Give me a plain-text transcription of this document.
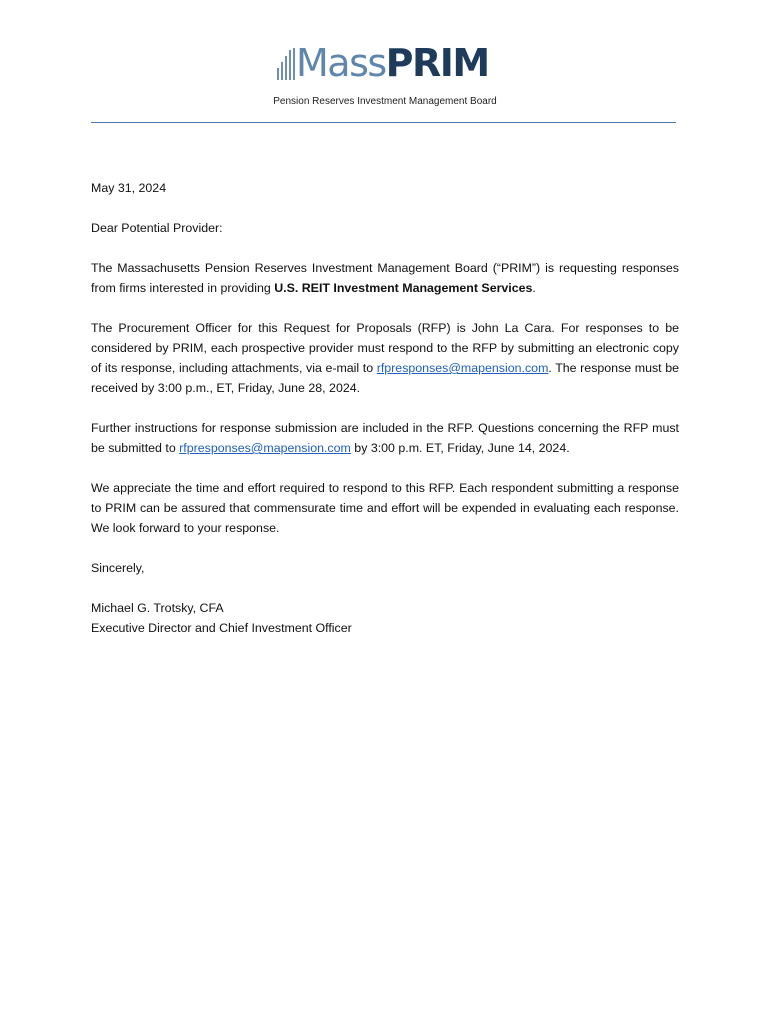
MassPRIM
Pension Reserves Investment Management Board

May 31, 2024

Dear Potential Provider:

The Massachusetts Pension Reserves Investment Management Board (“PRIM”) is requesting responses from firms interested in providing U.S. REIT Investment Management Services.

The Procurement Officer for this Request for Proposals (RFP) is John La Cara. For responses to be considered by PRIM, each prospective provider must respond to the RFP by submitting an electronic copy of its response, including attachments, via e-mail to rfpresponses@mapension.com. The response must be received by 3:00 p.m., ET, Friday, June 28, 2024.

Further instructions for response submission are included in the RFP. Questions concerning the RFP must be submitted to rfpresponses@mapension.com by 3:00 p.m. ET, Friday, June 14, 2024.

We appreciate the time and effort required to respond to this RFP. Each respondent submitting a response to PRIM can be assured that commensurate time and effort will be expended in evaluating each response. We look forward to your response.

Sincerely,

Michael G. Trotsky, CFA

Executive Director and Chief Investment Officer
